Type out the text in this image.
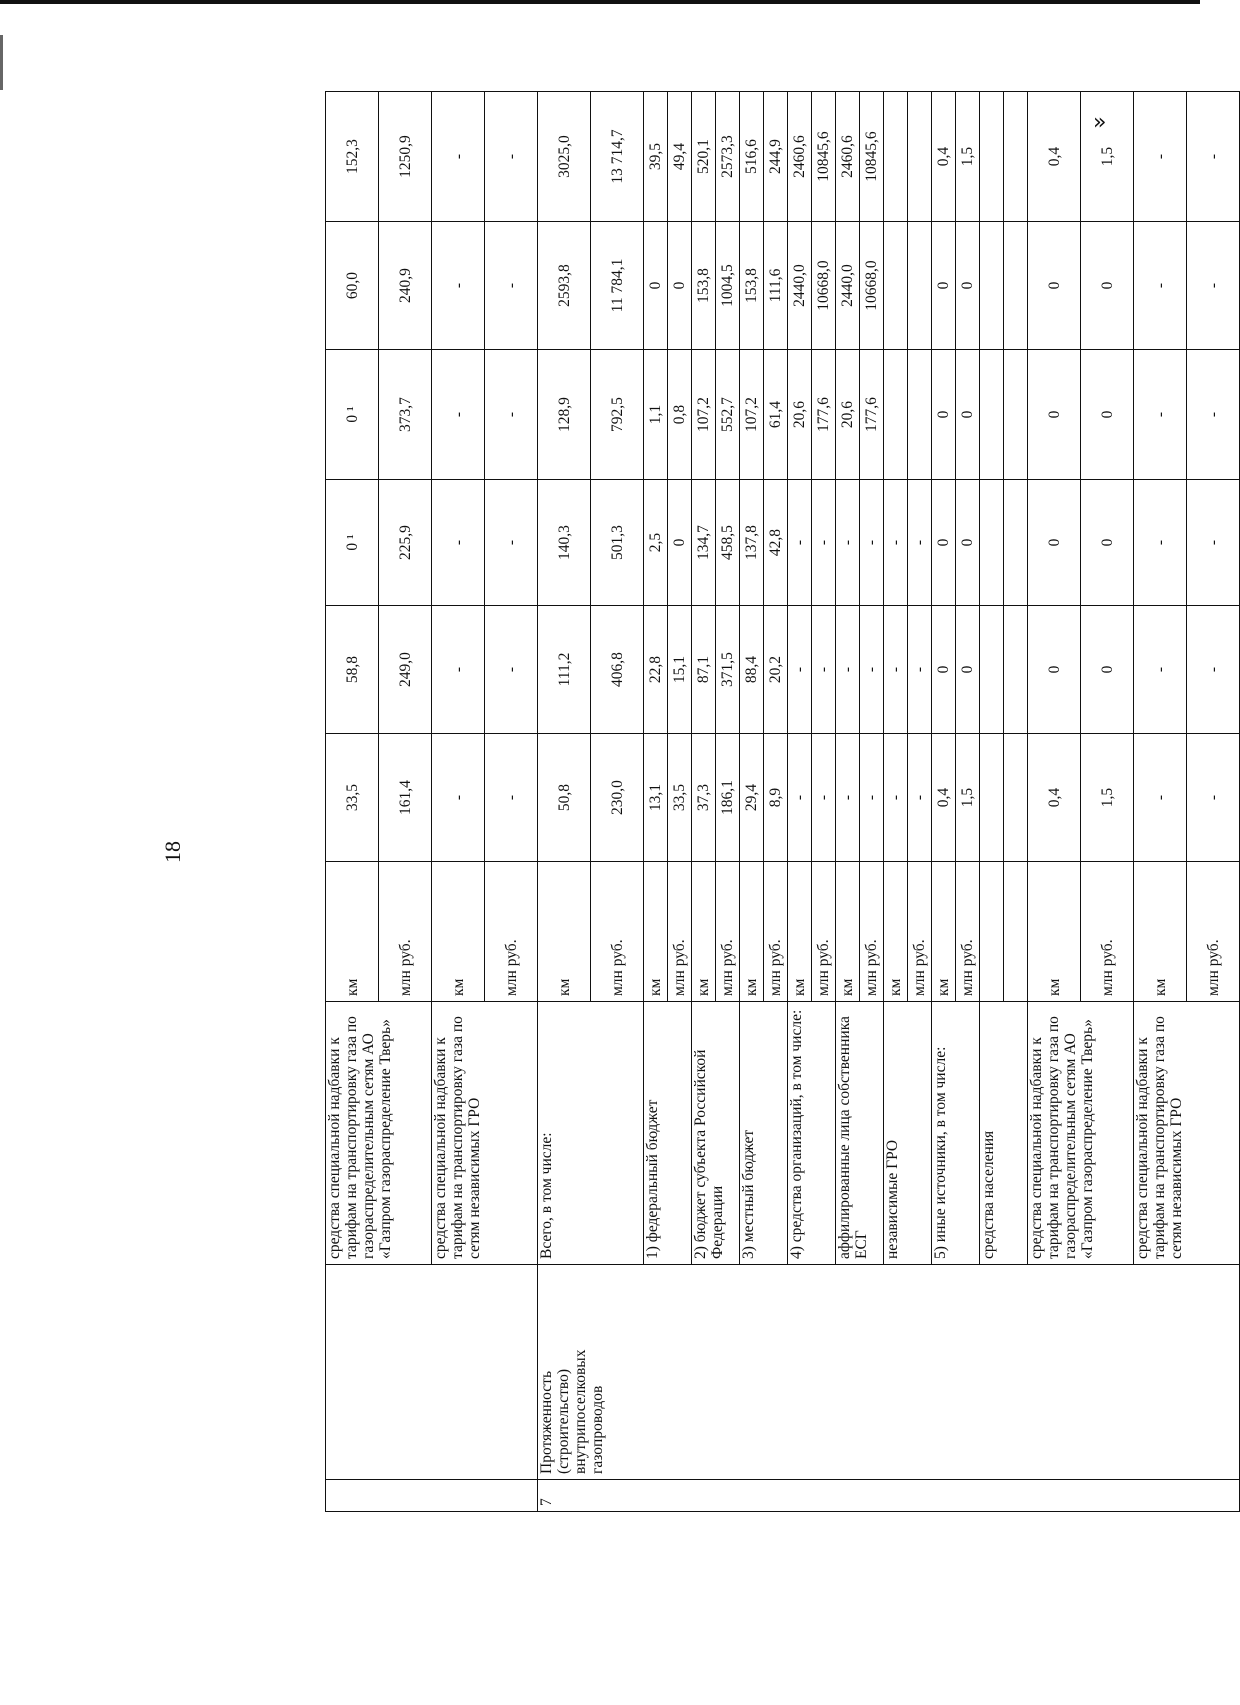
»
18
		средства специальной надбавки к тарифам на транспортировку газа по газораспределительным сетям АО «Газпром газораспределение Тверь»	км	33,5	58,8	0 ¹	0 ¹	60,0	152,3
			млн руб.	161,4	249,0	225,9	373,7	240,9	1250,9
		средства специальной надбавки к тарифам на транспортировку газа по сетям независимых ГРО	км	-	-	-	-	-	-
			млн руб.	-	-	-	-	-	-
7	Протяженность (строительство) внутрипоселковых газопроводов	Всего, в том числе:	км	50,8	111,2	140,3	128,9	2593,8	3025,0
			млн руб.	230,0	406,8	501,3	792,5	11 784,1	13 714,7
		1) федеральный бюджет	км	13,1	22,8	2,5	1,1	0	39,5
			млн руб.	33,5	15,1	0	0,8	0	49,4
		2) бюджет субъекта Российской Федерации	км	37,3	87,1	134,7	107,2	153,8	520,1
			млн руб.	186,1	371,5	458,5	552,7	1004,5	2573,3
		3) местный бюджет	км	29,4	88,4	137,8	107,2	153,8	516,6
			млн руб.	8,9	20,2	42,8	61,4	111,6	244,9
		4) средства организаций, в том числе:	км	-	-	-	20,6	2440,0	2460,6
			млн руб.	-	-	-	177,6	10668,0	10845,6
		аффилированные лица собственника ЕСГ	км	-	-	-	20,6	2440,0	2460,6
			млн руб.	-	-	-	177,6	10668,0	10845,6
		независимые ГРО	км	-	-	-			
			млн руб.	-	-	-			
		5) иные источники, в том числе:	км	0,4	0	0	0	0	0,4
			млн руб.	1,5	0	0	0	0	1,5
		средства населения							

		средства специальной надбавки к тарифам на транспортировку газа по газораспределительным сетям АО «Газпром газораспределение Тверь»	км	0,4	0	0	0	0	0,4
			млн руб.	1,5	0	0	0	0	1,5
		средства специальной надбавки к тарифам на транспортировку газа по сетям независимых ГРО	км	-	-	-	-	-	-
			млн руб.	-	-	-	-	-	-
